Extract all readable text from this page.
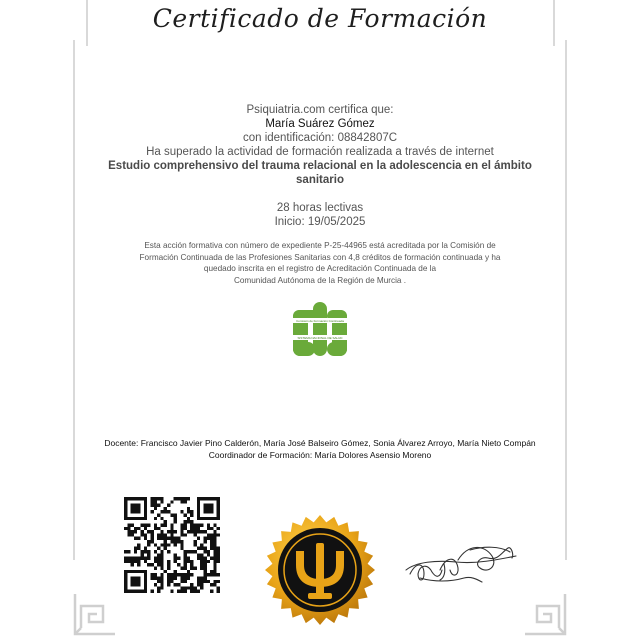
Certificado de Formación
Psiquiatria.com certifica que:
María Suárez Gómez
con identificación: 08842807C
Ha superado la actividad de formación realizada a través de internet
Estudio comprehensivo del trauma relacional en la adolescencia en el ámbito sanitario
28 horas lectivas
Inicio: 19/05/2025
Esta acción formativa con número de expediente P-25-44965 está acreditada por la Comisión de
Formación Continuada de las Profesiones Sanitarias con 4,8 créditos de formación continuada y ha
quedado inscrita en el registro de Acreditación Continuada de la
Comunidad Autónoma de la Región de Murcia .
Comisión de Formación Continuada
SISTEMA NACIONAL DE SALUD
Docente: Francisco Javier Pino Calderón, María José Balseiro Gómez, Sonia Álvarez Arroyo, María Nieto Compán
Coordinador de Formación: María Dolores Asensio Moreno
